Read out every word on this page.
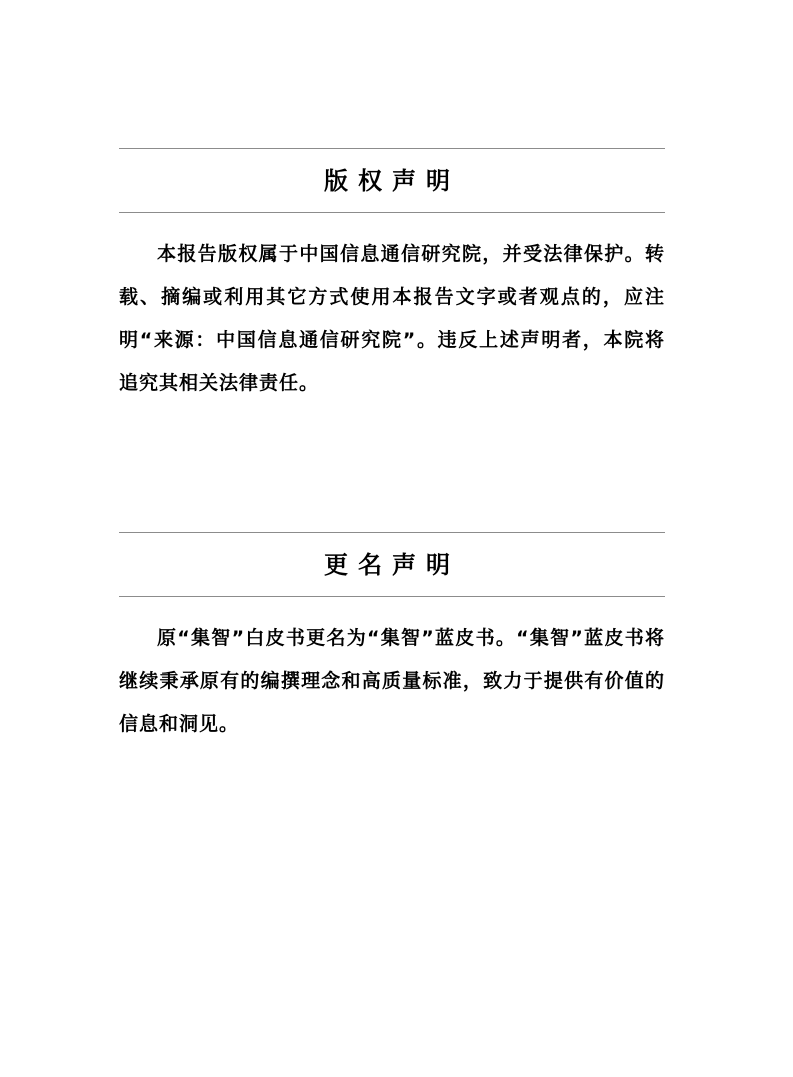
版权声明

本报告版权属于中国信息通信研究院，并受法律保护。转载、摘编或利用其它方式使用本报告文字或者观点的，应注明“来源：中国信息通信研究院”。违反上述声明者，本院将追究其相关法律责任。

更名声明

原“集智”白皮书更名为“集智”蓝皮书。“集智”蓝皮书将继续秉承原有的编撰理念和高质量标准，致力于提供有价值的信息和洞见。
